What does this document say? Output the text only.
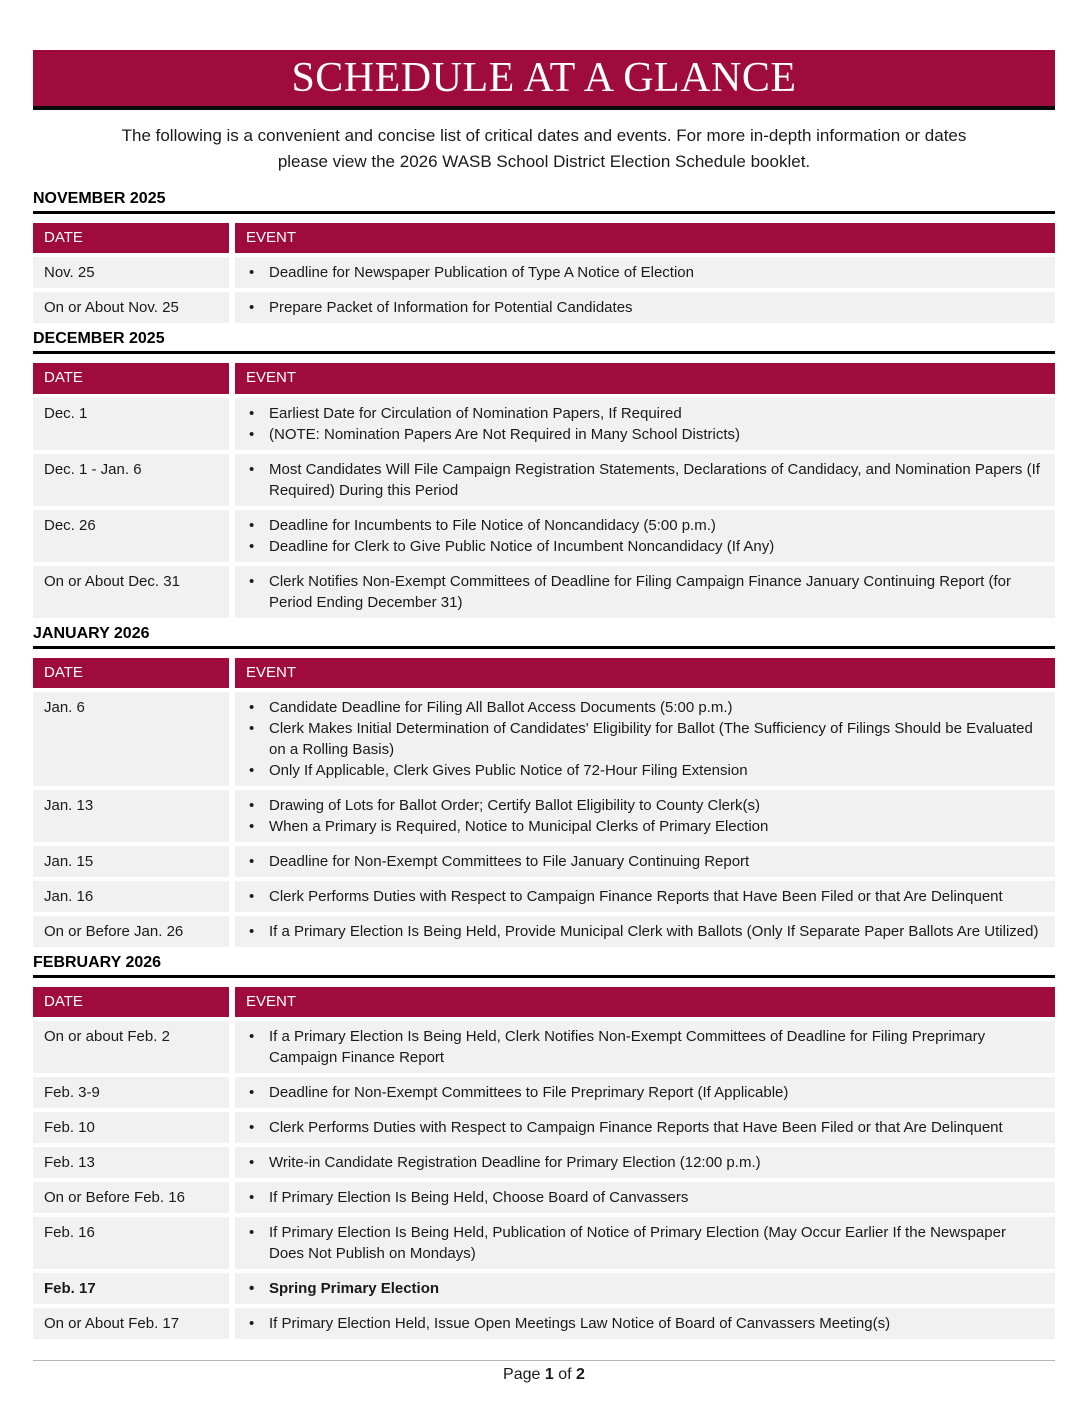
SCHEDULE AT A GLANCE
The following is a convenient and concise list of critical dates and events. For more in-depth information or dates
please view the 2026 WASB School District Election Schedule booklet.
NOVEMBER 2025
DATE	EVENT
Nov. 25	• Deadline for Newspaper Publication of Type A Notice of Election
On or About Nov. 25	• Prepare Packet of Information for Potential Candidates
DECEMBER 2025
DATE	EVENT
Dec. 1	• Earliest Date for Circulation of Nomination Papers, If Required
• (NOTE: Nomination Papers Are Not Required in Many School Districts)
Dec. 1 - Jan. 6	• Most Candidates Will File Campaign Registration Statements, Declarations of Candidacy, and Nomination Papers (If Required) During this Period
Dec. 26	• Deadline for Incumbents to File Notice of Noncandidacy (5:00 p.m.)
• Deadline for Clerk to Give Public Notice of Incumbent Noncandidacy (If Any)
On or About Dec. 31	• Clerk Notifies Non-Exempt Committees of Deadline for Filing Campaign Finance January Continuing Report (for Period Ending December 31)
JANUARY 2026
DATE	EVENT
Jan. 6	• Candidate Deadline for Filing All Ballot Access Documents (5:00 p.m.)
• Clerk Makes Initial Determination of Candidates' Eligibility for Ballot (The Sufficiency of Filings Should be Evaluated on a Rolling Basis)
• Only If Applicable, Clerk Gives Public Notice of 72-Hour Filing Extension
Jan. 13	• Drawing of Lots for Ballot Order; Certify Ballot Eligibility to County Clerk(s)
• When a Primary is Required, Notice to Municipal Clerks of Primary Election
Jan. 15	• Deadline for Non-Exempt Committees to File January Continuing Report
Jan. 16	• Clerk Performs Duties with Respect to Campaign Finance Reports that Have Been Filed or that Are Delinquent
On or Before Jan. 26	• If a Primary Election Is Being Held, Provide Municipal Clerk with Ballots (Only If Separate Paper Ballots Are Utilized)
FEBRUARY 2026
DATE	EVENT
On or about Feb. 2	• If a Primary Election Is Being Held, Clerk Notifies Non-Exempt Committees of Deadline for Filing Preprimary Campaign Finance Report
Feb. 3-9	• Deadline for Non-Exempt Committees to File Preprimary Report (If Applicable)
Feb. 10	• Clerk Performs Duties with Respect to Campaign Finance Reports that Have Been Filed or that Are Delinquent
Feb. 13	• Write-in Candidate Registration Deadline for Primary Election (12:00 p.m.)
On or Before Feb. 16	• If Primary Election Is Being Held, Choose Board of Canvassers
Feb. 16	• If Primary Election Is Being Held, Publication of Notice of Primary Election (May Occur Earlier If the Newspaper Does Not Publish on Mondays)
Feb. 17	• Spring Primary Election
On or About Feb. 17	• If Primary Election Held, Issue Open Meetings Law Notice of Board of Canvassers Meeting(s)
Page 1 of 2
